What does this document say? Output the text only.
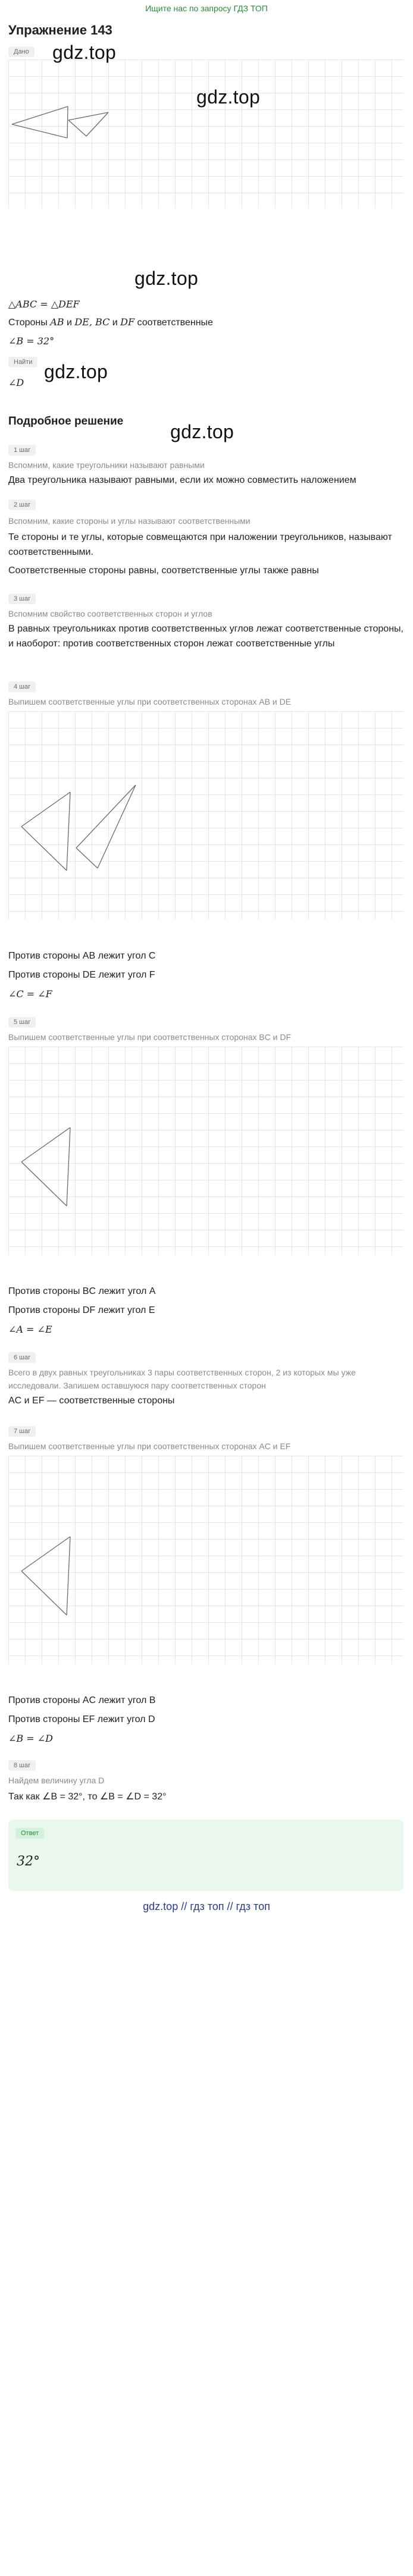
Ищите нас по запросу ГДЗ ТОП
Упражнение 143
Дано gdz.top
gdz.top
gdz.top
△ABC = △DEF
Стороны AB и DE, BC и DF соответственные
∠B = 32°
Найти gdz.top
∠D
Подробное решение gdz.top
1 шаг
Вспомним, какие треугольники называют равными
Два треугольника называют равными, если их можно совместить наложением
2 шаг
Вспомним, какие стороны и углы называют соответственными
Те стороны и те углы, которые совмещаются при наложении треугольников, называют соответственными.
Соответственные стороны равны, соответственные углы также равны
3 шаг
Вспомним свойство соответственных сторон и углов
В равных треугольниках против соответственных углов лежат соответственные стороны, и наоборот: против соответственных сторон лежат соответственные углы
4 шаг
Выпишем соответственные углы при соответственных сторонах AB и DE
Против стороны AB лежит угол C
Против стороны DE лежит угол F
∠C = ∠F
5 шаг
Выпишем соответственные углы при соответственных сторонах BC и DF
Против стороны BC лежит угол A
Против стороны DF лежит угол E
∠A = ∠E
6 шаг
Всего в двух равных треугольниках 3 пары соответственных сторон, 2 из которых мы уже исследовали. Запишем оставшуюся пару соответственных сторон
AC и EF — соответственные стороны
7 шаг
Выпишем соответственные углы при соответственных сторонах AC и EF
Против стороны AC лежит угол B
Против стороны EF лежит угол D
∠B = ∠D
8 шаг
Найдем величину угла D
Так как ∠B = 32°, то ∠B = ∠D = 32°
Ответ
32°
gdz.top // гдз топ // гдз топ
